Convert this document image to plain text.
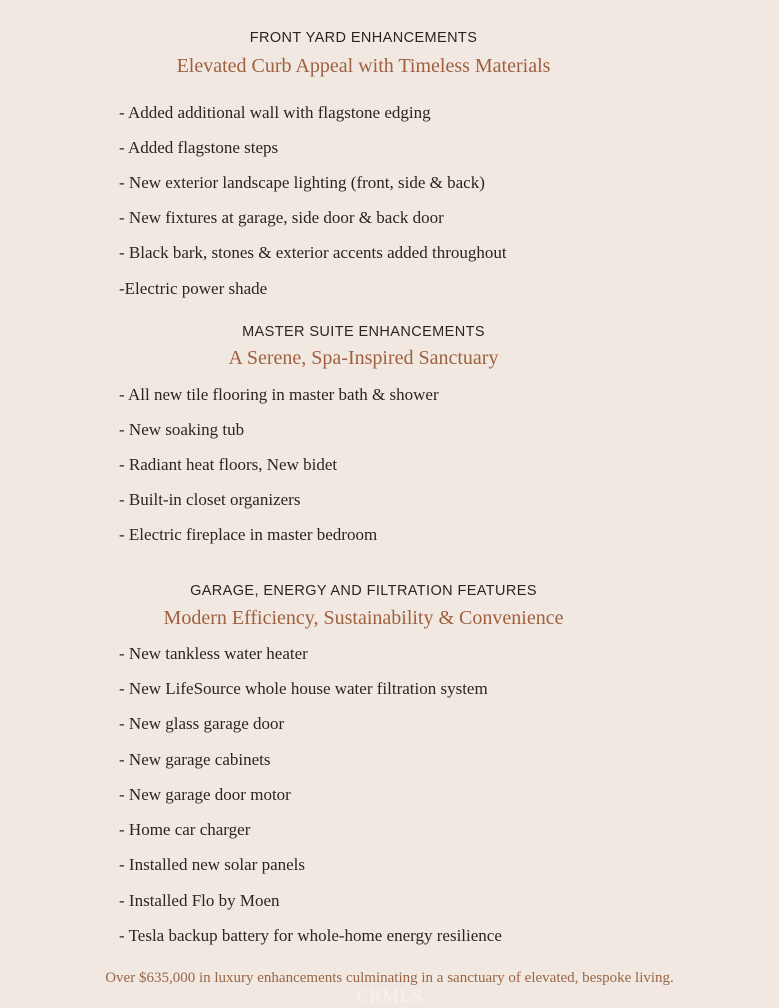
FRONT YARD ENHANCEMENTS
Elevated Curb Appeal with Timeless Materials
- Added additional wall with flagstone edging
- Added flagstone steps
- New exterior landscape lighting (front, side & back)
- New fixtures at garage, side door & back door
- Black bark, stones & exterior accents added throughout
-Electric power shade
MASTER SUITE ENHANCEMENTS
A Serene, Spa-Inspired Sanctuary
- All new tile flooring in master bath & shower
- New soaking tub
- Radiant heat floors, New bidet
- Built-in closet organizers
- Electric fireplace in master bedroom
GARAGE, ENERGY AND FILTRATION FEATURES
Modern Efficiency, Sustainability & Convenience
- New tankless water heater
- New LifeSource whole house water filtration system
- New glass garage door
- New garage cabinets
- New garage door motor
- Home car charger
- Installed new solar panels
- Installed Flo by Moen
- Tesla backup battery for whole-home energy resilience
Over $635,000 in luxury enhancements culminating in a sanctuary of elevated, bespoke living.
CRMLS
